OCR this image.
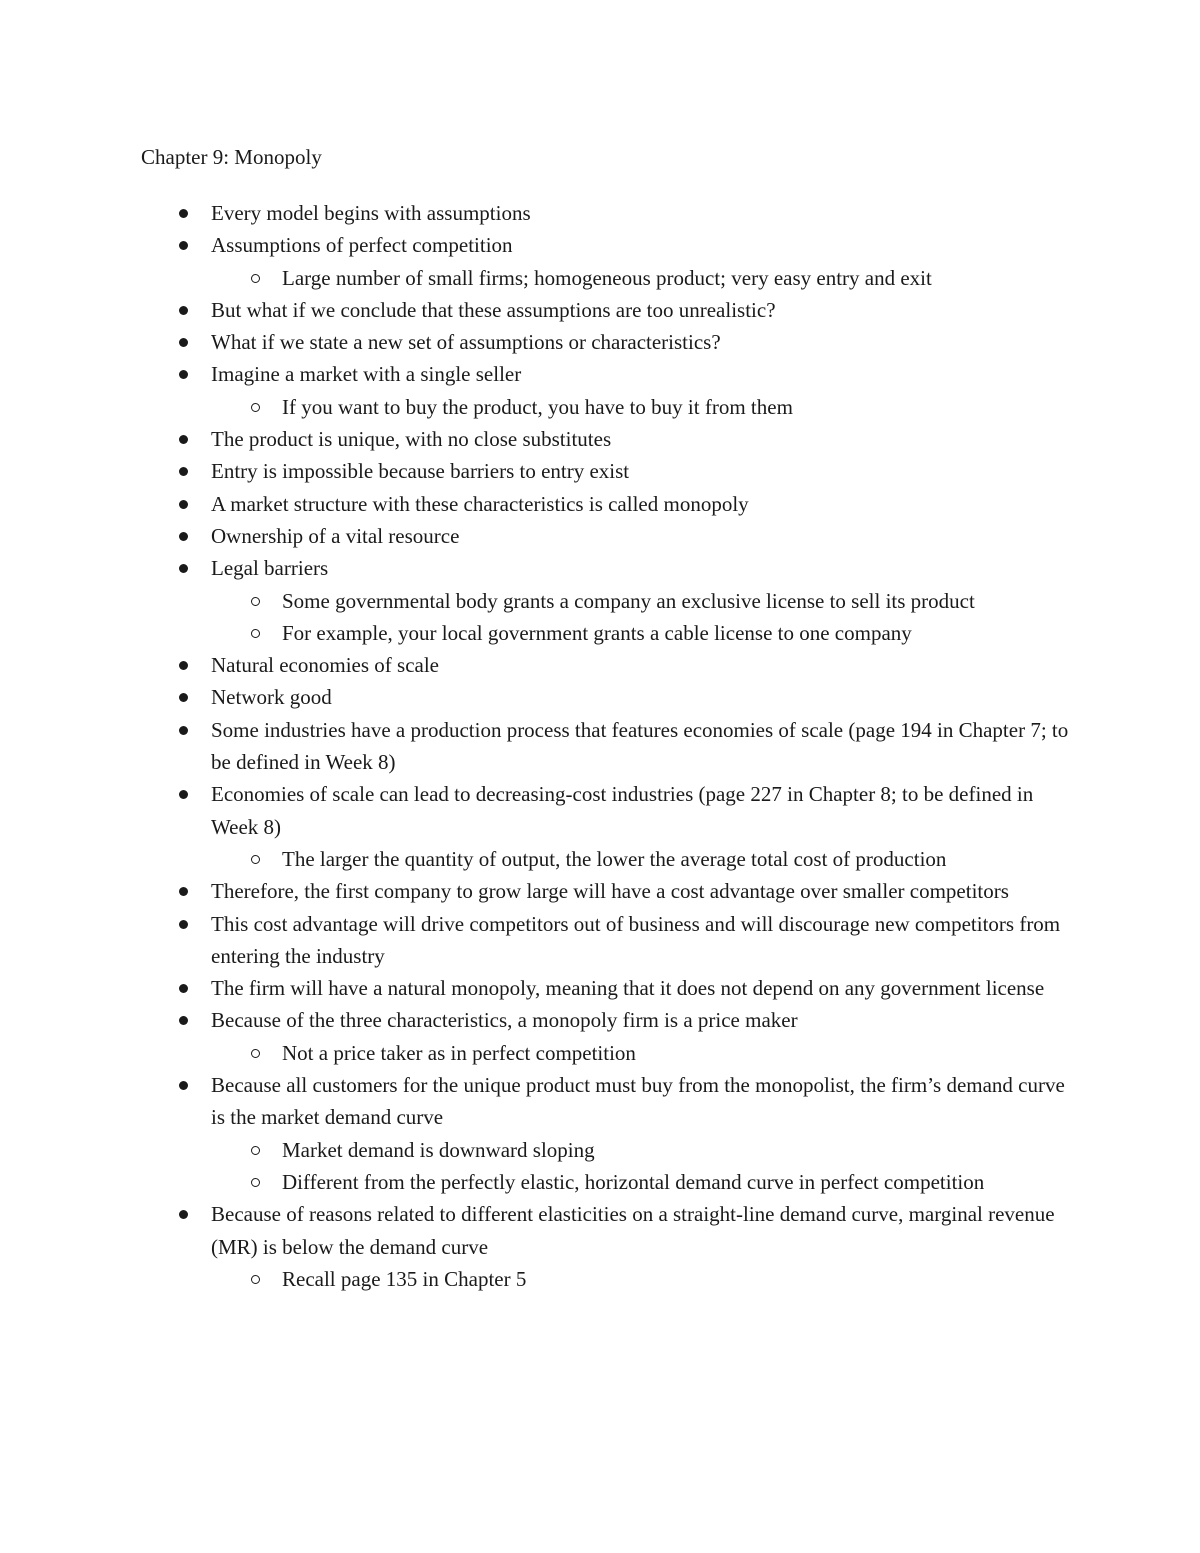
Chapter 9: Monopoly
Every model begins with assumptions
Assumptions of perfect competition
Large number of small firms; homogeneous product; very easy entry and exit
But what if we conclude that these assumptions are too unrealistic?
What if we state a new set of assumptions or characteristics?
Imagine a market with a single seller
If you want to buy the product, you have to buy it from them
The product is unique, with no close substitutes
Entry is impossible because barriers to entry exist
A market structure with these characteristics is called monopoly
Ownership of a vital resource
Legal barriers
Some governmental body grants a company an exclusive license to sell its product
For example, your local government grants a cable license to one company
Natural economies of scale
Network good
Some industries have a production process that features economies of scale (page 194 in Chapter 7; to be defined in Week 8)
Economies of scale can lead to decreasing-cost industries (page 227 in Chapter 8; to be defined in Week 8)
The larger the quantity of output, the lower the average total cost of production
Therefore, the first company to grow large will have a cost advantage over smaller competitors
This cost advantage will drive competitors out of business and will discourage new competitors from entering the industry
The firm will have a natural monopoly, meaning that it does not depend on any government license
Because of the three characteristics, a monopoly firm is a price maker
Not a price taker as in perfect competition
Because all customers for the unique product must buy from the monopolist, the firm’s demand curve is the market demand curve
Market demand is downward sloping
Different from the perfectly elastic, horizontal demand curve in perfect competition
Because of reasons related to different elasticities on a straight-line demand curve, marginal revenue (MR) is below the demand curve
Recall page 135 in Chapter 5
